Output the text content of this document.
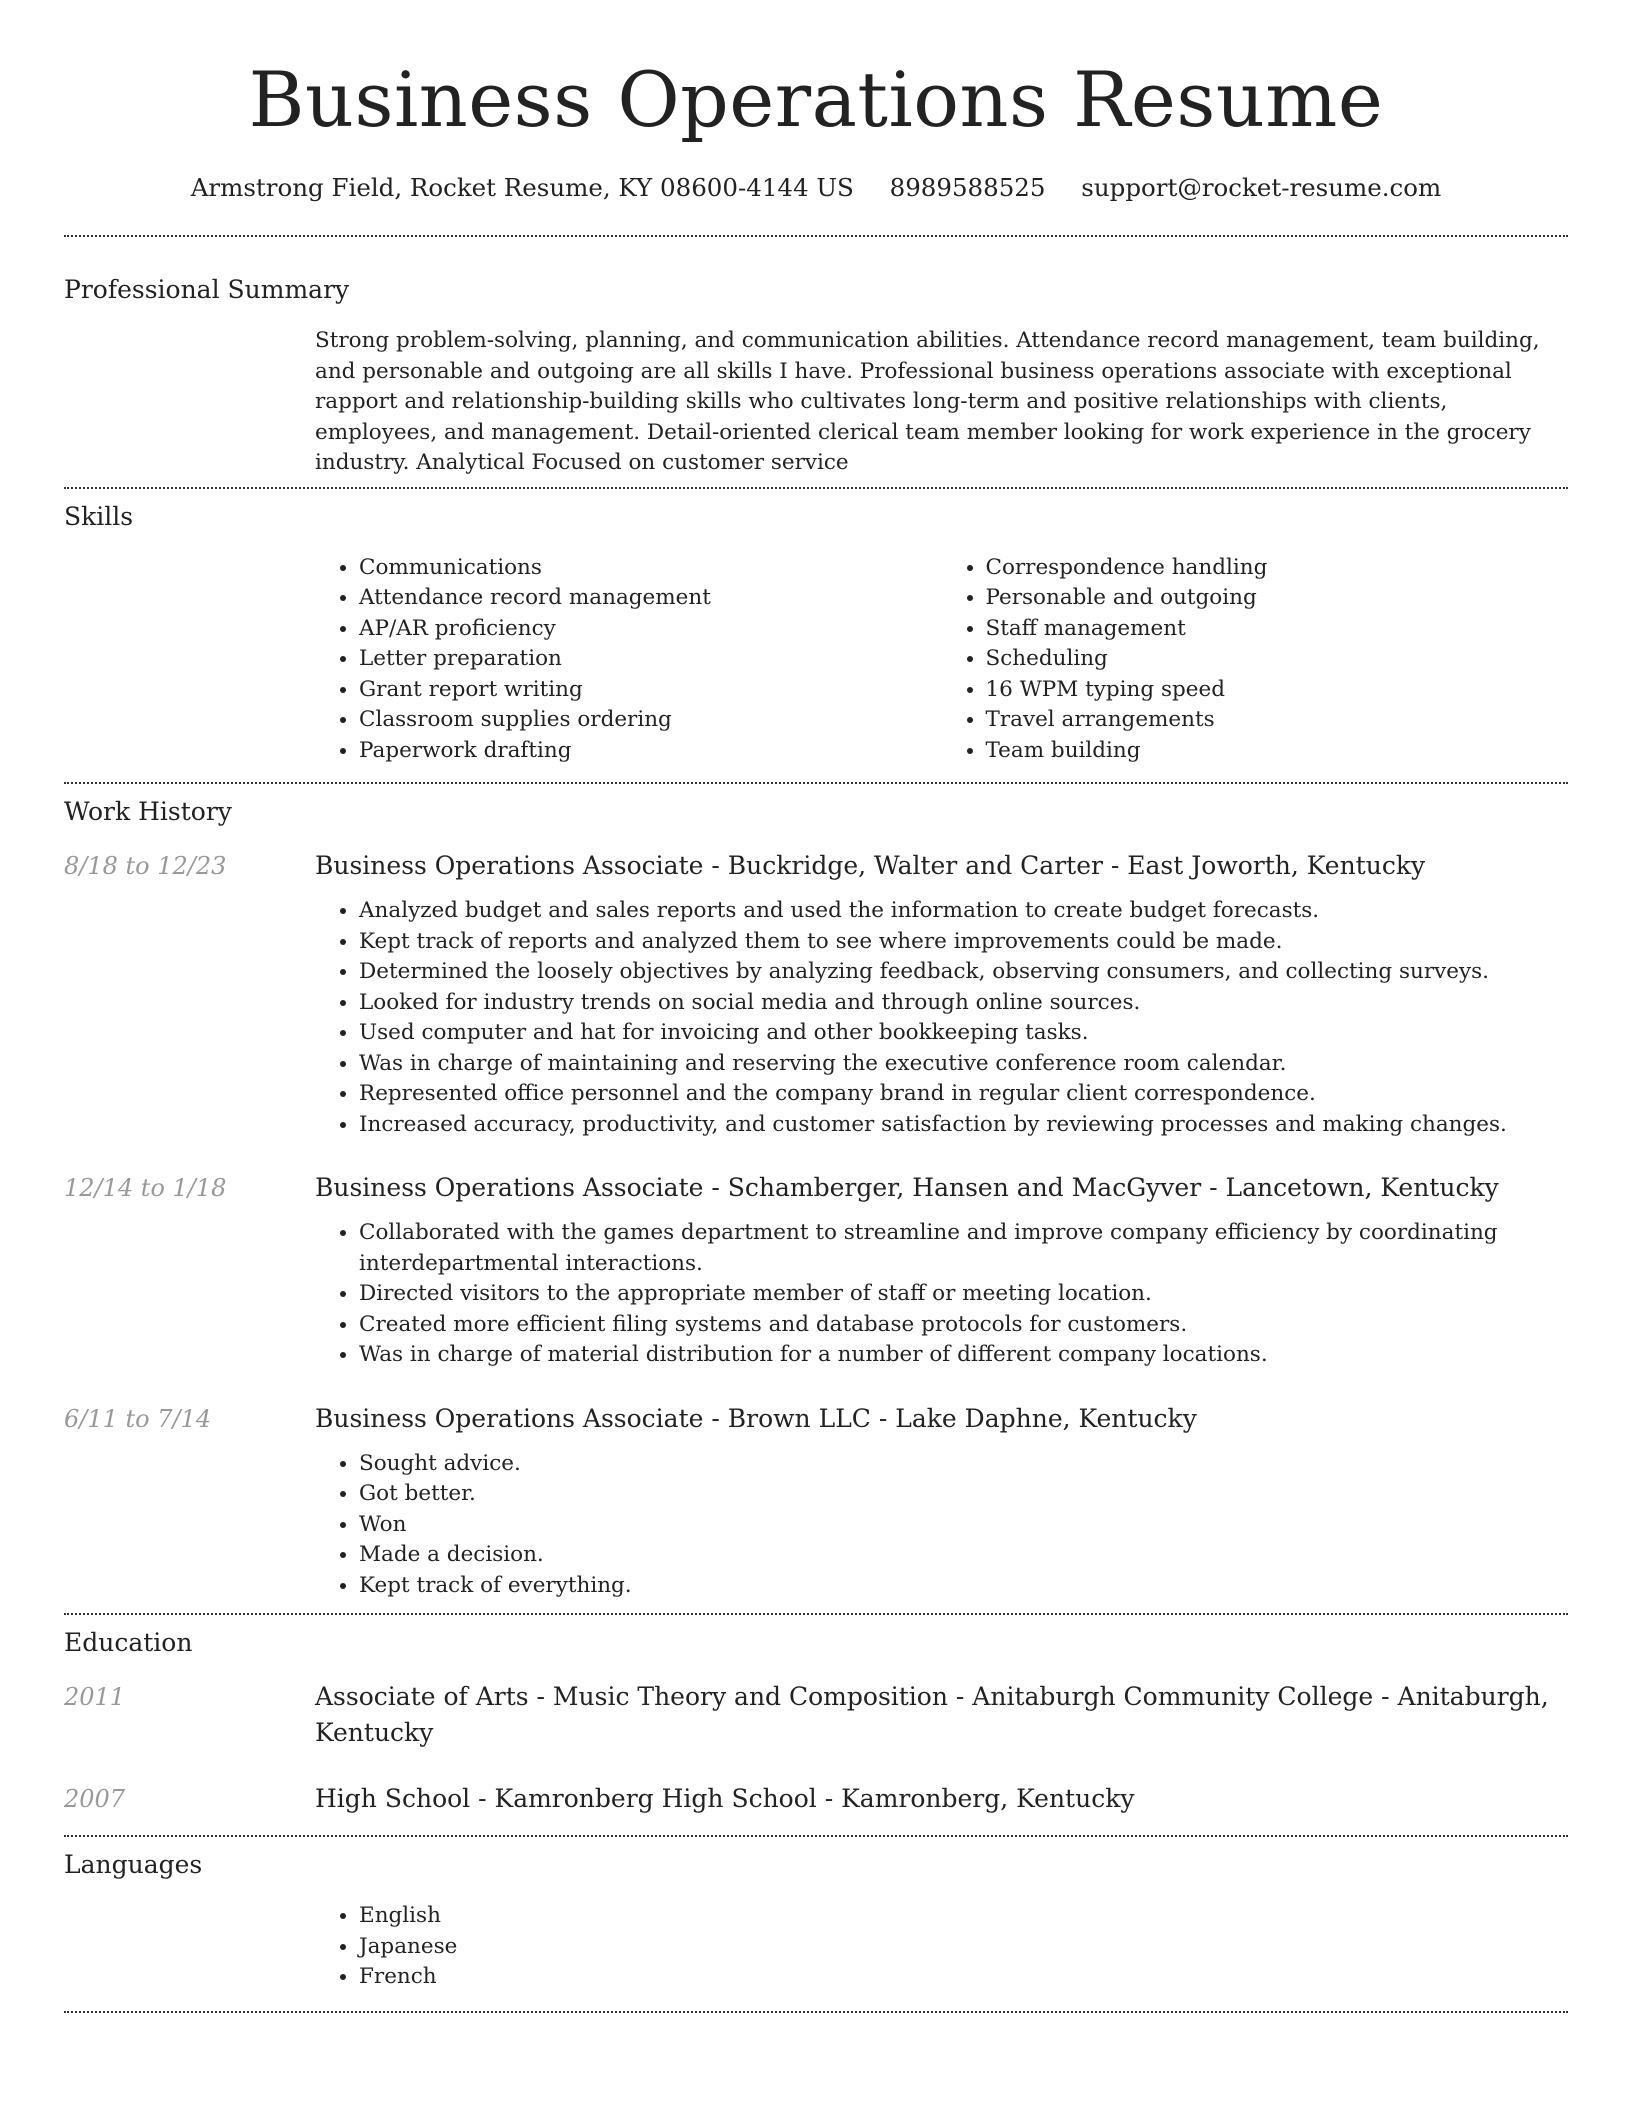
Business Operations Resume
Armstrong Field, Rocket Resume, KY 08600-4144 US 8989588525 support@rocket-resume.com
Professional Summary
Strong problem-solving, planning, and communication abilities. Attendance record management, team building, and personable and outgoing are all skills I have. Professional business operations associate with exceptional rapport and relationship-building skills who cultivates long-term and positive relationships with clients, employees, and management. Detail-oriented clerical team member looking for work experience in the grocery industry. Analytical Focused on customer service
Skills
• Communications
• Attendance record management
• AP/AR proficiency
• Letter preparation
• Grant report writing
• Classroom supplies ordering
• Paperwork drafting
• Correspondence handling
• Personable and outgoing
• Staff management
• Scheduling
• 16 WPM typing speed
• Travel arrangements
• Team building
Work History
8/18 to 12/23	Business Operations Associate - Buckridge, Walter and Carter - East Joworth, Kentucky
• Analyzed budget and sales reports and used the information to create budget forecasts.
• Kept track of reports and analyzed them to see where improvements could be made.
• Determined the loosely objectives by analyzing feedback, observing consumers, and collecting surveys.
• Looked for industry trends on social media and through online sources.
• Used computer and hat for invoicing and other bookkeeping tasks.
• Was in charge of maintaining and reserving the executive conference room calendar.
• Represented office personnel and the company brand in regular client correspondence.
• Increased accuracy, productivity, and customer satisfaction by reviewing processes and making changes.
12/14 to 1/18	Business Operations Associate - Schamberger, Hansen and MacGyver - Lancetown, Kentucky
• Collaborated with the games department to streamline and improve company efficiency by coordinating interdepartmental interactions.
• Directed visitors to the appropriate member of staff or meeting location.
• Created more efficient filing systems and database protocols for customers.
• Was in charge of material distribution for a number of different company locations.
6/11 to 7/14	Business Operations Associate - Brown LLC - Lake Daphne, Kentucky
• Sought advice.
• Got better.
• Won
• Made a decision.
• Kept track of everything.
Education
2011	Associate of Arts - Music Theory and Composition - Anitaburgh Community College - Anitaburgh, Kentucky
2007	High School - Kamronberg High School - Kamronberg, Kentucky
Languages
• English
• Japanese
• French
